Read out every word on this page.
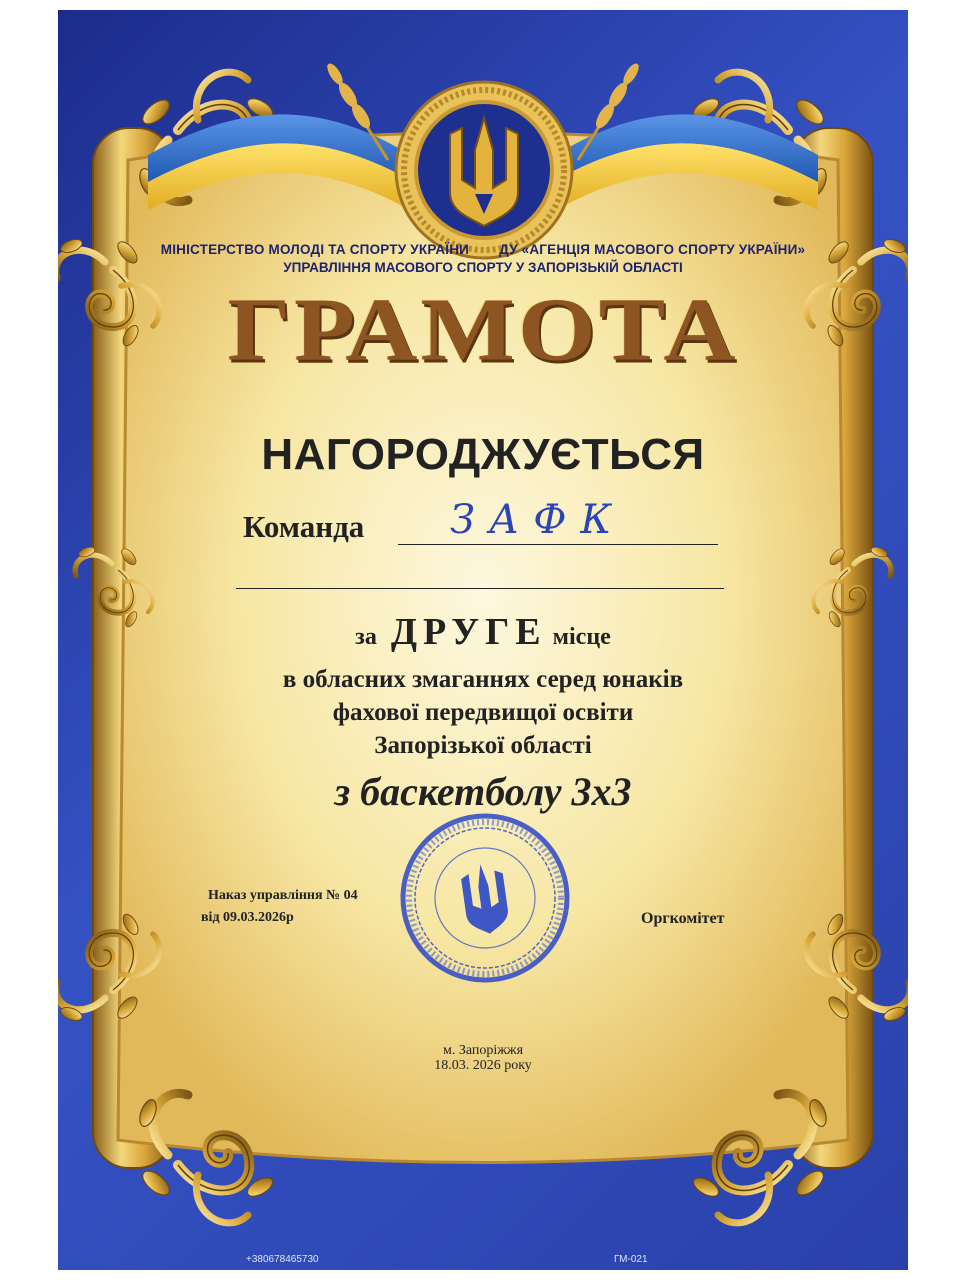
МІНІСТЕРСТВО МОЛОДІ ТА СПОРТУ УКРАЇНИ ДУ «АГЕНЦІЯ МАСОВОГО СПОРТУ УКРАЇНИ»
УПРАВЛІННЯ МАСОВОГО СПОРТУ У ЗАПОРІЗЬКІЙ ОБЛАСТІ
ГРАМОТА
НАГОРОДЖУЄТЬСЯ
Команда ЗАФК
за ДРУГЕ місце
в обласних змаганнях серед юнаків
фахової передвищої освіти
Запорізької області
з баскетболу 3х3
Наказ управління № 04
від 09.03.2026р	Оргкомітет
м. Запоріжжя
18.03. 2026 року
+380678465730	ГМ-021
